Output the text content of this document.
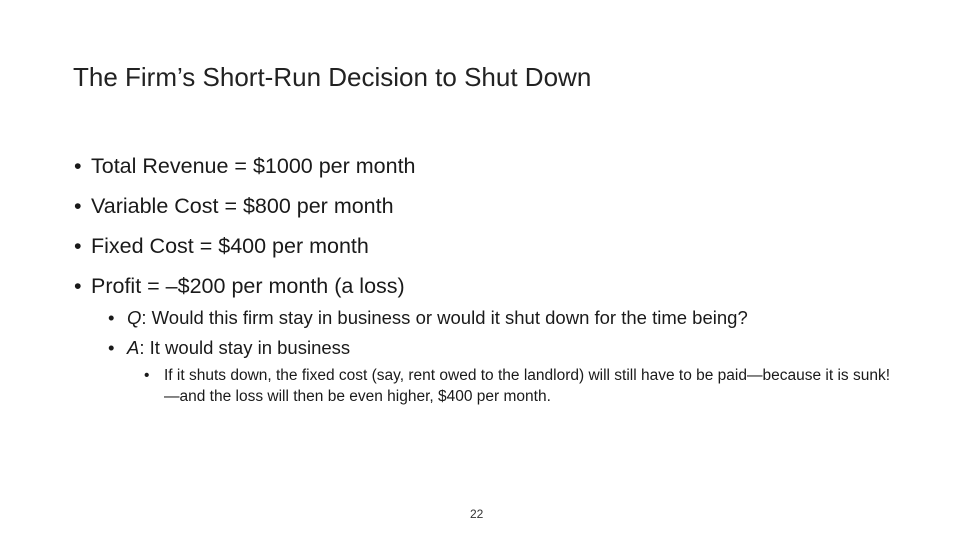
The Firm’s Short-Run Decision to Shut Down
• Total Revenue = $1000 per month
• Variable Cost = $800 per month
• Fixed Cost = $400 per month
• Profit = –$200 per month (a loss)
• Q: Would this firm stay in business or would it shut down for the time being?
• A: It would stay in business
• If it shuts down, the fixed cost (say, rent owed to the landlord) will still have to be paid—because it is sunk!—and the loss will then be even higher, $400 per month.
22
